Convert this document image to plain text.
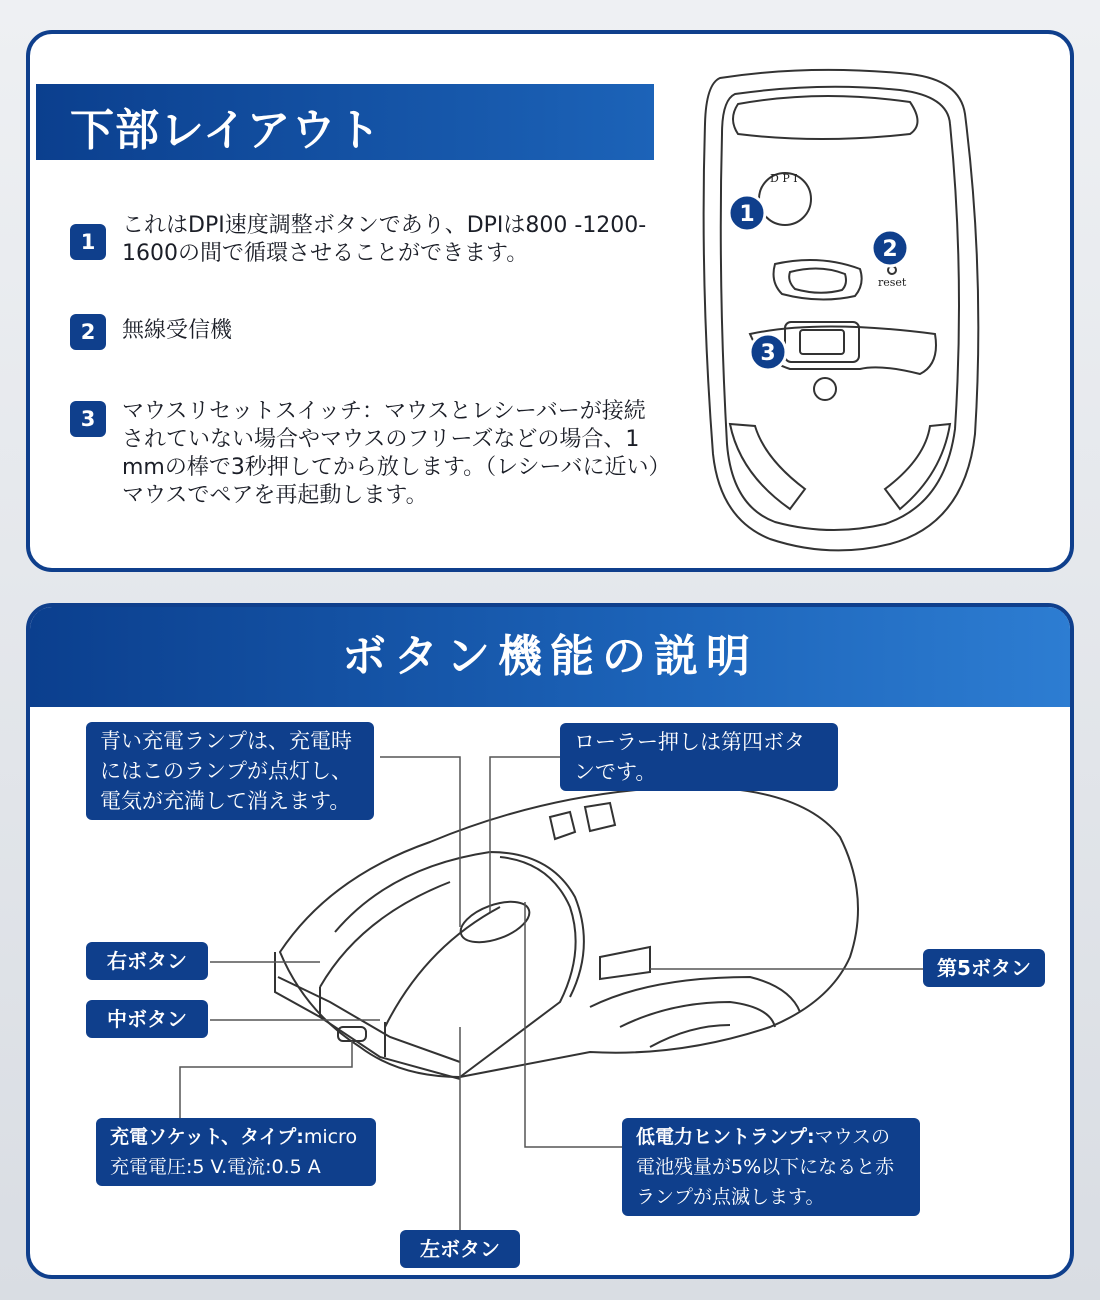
下部レイアウト
1
これはDPI速度調整ボタンであり、DPIは800 -1200-1600の間で循環させることができます。
2	無線受信機
3	マウスリセットスイッチ：マウスとレシーバーが接続されていない場合やマウスのフリーズなどの場合、1 mmの棒で3秒押してから放します。（レシーバに近い）マウスでペアを再起動します。
D P I
reset
1
2
3
ボタン機能の説明
青い充電ランプは、充電時にはこのランプが点灯し、電気が充満して消えます。
ローラー押しは第四ボタンです。
右ボタン
中ボタン
第5ボタン
充電ソケット、タイプ:micro
充電電圧:5 V.電流:0.5 A
低電力ヒントランプ:マウスの電池残量が5%以下になると赤ランプが点滅します。
左ボタン
